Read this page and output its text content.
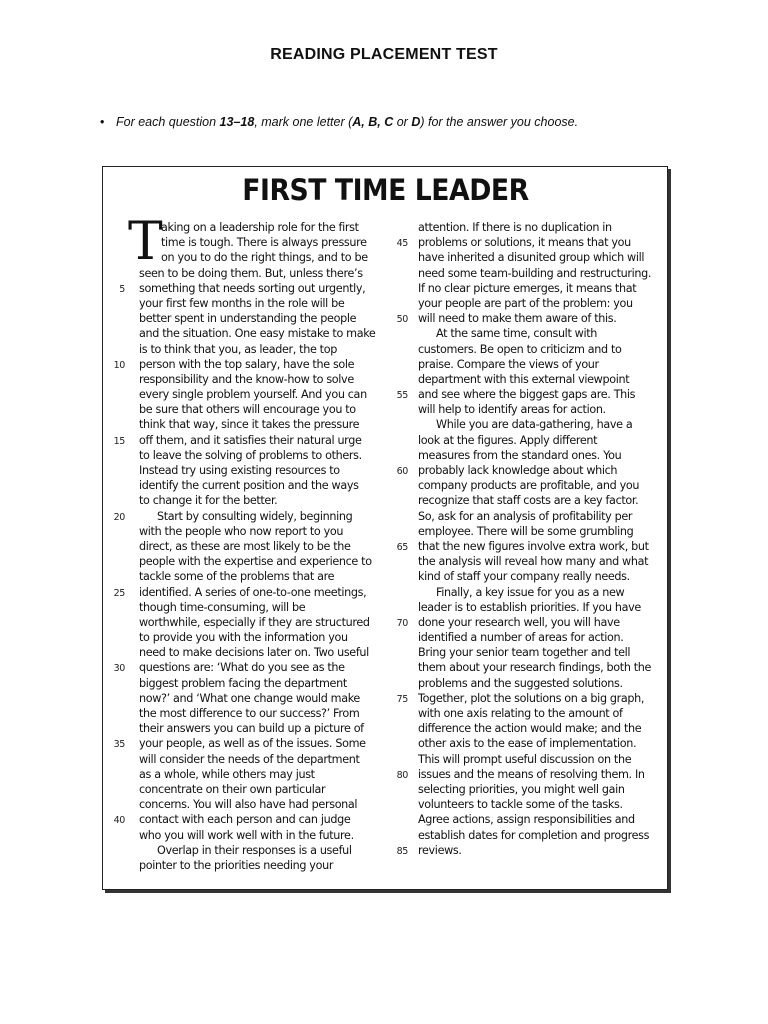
READING PLACEMENT TEST
• For each question 13–18, mark one letter (A, B, C or D) for the answer you choose.
FIRST TIME LEADER
T
aking on a leadership role for the first
time is tough. There is always pressure
on you to do the right things, and to be
seen to be doing them. But, unless there’s
5 something that needs sorting out urgently,
your first few months in the role will be
better spent in understanding the people
and the situation. One easy mistake to make
is to think that you, as leader, the top
10 person with the top salary, have the sole
responsibility and the know-how to solve
every single problem yourself. And you can
be sure that others will encourage you to
think that way, since it takes the pressure
15 off them, and it satisfies their natural urge
to leave the solving of problems to others.
Instead try using existing resources to
identify the current position and the ways
to change it for the better.
20	Start by consulting widely, beginning
with the people who now report to you
direct, as these are most likely to be the
people with the expertise and experience to
tackle some of the problems that are
25 identified. A series of one-to-one meetings,
though time-consuming, will be
worthwhile, especially if they are structured
to provide you with the information you
need to make decisions later on. Two useful
30 questions are: ‘What do you see as the
biggest problem facing the department
now?’ and ‘What one change would make
the most difference to our success?’ From
their answers you can build up a picture of
35 your people, as well as of the issues. Some
will consider the needs of the department
as a whole, while others may just
concentrate on their own particular
concerns. You will also have had personal
40 contact with each person and can judge
who you will work well with in the future.
Overlap in their responses is a useful
pointer to the priorities needing your
attention. If there is no duplication in
45 problems or solutions, it means that you
have inherited a disunited group which will
need some team-building and restructuring.
If no clear picture emerges, it means that
your people are part of the problem: you
50 will need to make them aware of this.
At the same time, consult with
customers. Be open to criticizm and to
praise. Compare the views of your
department with this external viewpoint
55 and see where the biggest gaps are. This
will help to identify areas for action.
While you are data-gathering, have a
look at the figures. Apply different
measures from the standard ones. You
60 probably lack knowledge about which
company products are profitable, and you
recognize that staff costs are a key factor.
So, ask for an analysis of profitability per
employee. There will be some grumbling
65 that the new figures involve extra work, but
the analysis will reveal how many and what
kind of staff your company really needs.
Finally, a key issue for you as a new
leader is to establish priorities. If you have
70 done your research well, you will have
identified a number of areas for action.
Bring your senior team together and tell
them about your research findings, both the
problems and the suggested solutions.
75 Together, plot the solutions on a big graph,
with one axis relating to the amount of
difference the action would make; and the
other axis to the ease of implementation.
This will prompt useful discussion on the
80 issues and the means of resolving them. In
selecting priorities, you might well gain
volunteers to tackle some of the tasks.
Agree actions, assign responsibilities and
establish dates for completion and progress
85 reviews.
